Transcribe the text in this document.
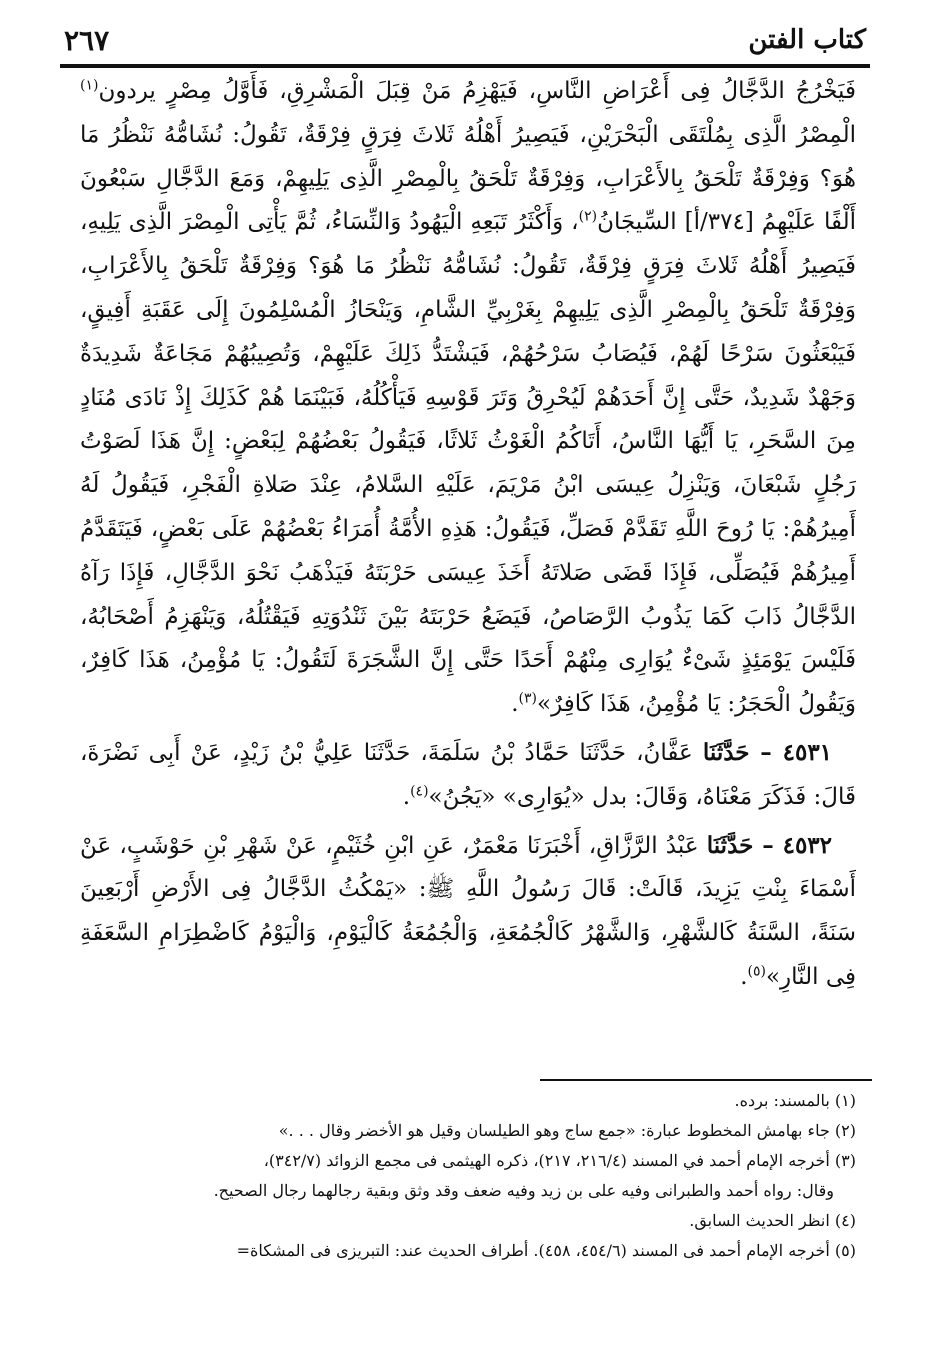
كتاب الفتن
٢٦٧

فَيَخْرُجُ الدَّجَّالُ فِى أَعْرَاضِ النَّاسِ، فَيَهْزِمُ مَنْ قِبَلَ الْمَشْرِقِ، فَأَوَّلُ مِصْرٍ يردون$^{(١)}$ الْمِصْرُ الَّذِى بِمُلْتَقَى الْبَحْرَيْنِ، فَيَصِيرُ أَهْلُهُ ثَلاثَ فِرَقٍ فِرْقَةٌ، تَقُولُ: نُشَامُّهُ نَنْظُرُ مَا هُوَ؟ وَفِرْقَةٌ تَلْحَقُ بِالأَعْرَابِ، وَفِرْقَةٌ تَلْحَقُ بِالْمِصْرِ الَّذِى يَلِيهِمْ، وَمَعَ الدَّجَّالِ سَبْعُونَ أَلْفًا عَلَيْهِمُ [٣٧٤/أ] السِّيجَانُ$^{(٢)}$، وَأَكْثَرُ تَبَعِهِ الْيَهُودُ وَالنِّسَاءُ، ثُمَّ يَأْتِى الْمِصْرَ الَّذِى يَلِيهِ، فَيَصِيرُ أَهْلُهُ ثَلاثَ فِرَقٍ فِرْقَةٌ، تَقُولُ: نُشَامُّهُ نَنْظُرُ مَا هُوَ؟ وَفِرْقَةٌ تَلْحَقُ بِالأَعْرَابِ، وَفِرْقَةٌ تَلْحَقُ بِالْمِصْرِ الَّذِى يَلِيهِمْ بِغَرْبِيِّ الشَّامِ، وَيَنْحَازُ الْمُسْلِمُونَ إِلَى عَقَبَةِ أَفِيقٍ، فَيَبْعَثُونَ سَرْحًا لَهُمْ، فَيُصَابُ سَرْحُهُمْ، فَيَشْتَدُّ ذَلِكَ عَلَيْهِمْ، وَتُصِيبُهُمْ مَجَاعَةٌ شَدِيدَةٌ وَجَهْدٌ شَدِيدٌ، حَتَّى إِنَّ أَحَدَهُمْ لَيُحْرِقُ وَتَرَ قَوْسِهِ فَيَأْكُلُهُ، فَبَيْنَمَا هُمْ كَذَلِكَ إِذْ نَادَى مُنَادٍ مِنَ السَّحَرِ، يَا أَيُّهَا النَّاسُ، أَتَاكُمُ الْغَوْثُ ثَلاثًا، فَيَقُولُ بَعْضُهُمْ لِبَعْضٍ: إِنَّ هَذَا لَصَوْتُ رَجُلٍ شَبْعَانَ، وَيَنْزِلُ عِيسَى ابْنُ مَرْيَمَ، عَلَيْهِ السَّلامُ، عِنْدَ صَلاةِ الْفَجْرِ، فَيَقُولُ لَهُ أَمِيرُهُمْ: يَا رُوحَ اللَّهِ تَقَدَّمْ فَصَلِّ، فَيَقُولُ: هَذِهِ الأُمَّةُ أُمَرَاءُ بَعْضُهُمْ عَلَى بَعْضٍ، فَيَتَقَدَّمُ أَمِيرُهُمْ فَيُصَلِّى، فَإِذَا قَضَى صَلاتَهُ أَخَذَ عِيسَى حَرْبَتَهُ فَيَذْهَبُ نَحْوَ الدَّجَّالِ، فَإِذَا رَآهُ الدَّجَّالُ ذَابَ كَمَا يَذُوبُ الرَّصَاصُ، فَيَضَعُ حَرْبَتَهُ بَيْنَ ثَنْدُوَتِهِ فَيَقْتُلُهُ، وَيَنْهَزِمُ أَصْحَابُهُ، فَلَيْسَ يَوْمَئِذٍ شَىْءٌ يُوَارِى مِنْهُمْ أَحَدًا حَتَّى إِنَّ الشَّجَرَةَ لَتَقُولُ: يَا مُؤْمِنُ، هَذَا كَافِرٌ، وَيَقُولُ الْحَجَرُ: يَا مُؤْمِنُ، هَذَا كَافِرٌ»$^{(٣)}$.

٤٥٣١ – حَدَّثَنَا عَفَّانُ، حَدَّثَنَا حَمَّادُ بْنُ سَلَمَةَ، حَدَّثَنَا عَلِيُّ بْنُ زَيْدٍ، عَنْ أَبِى نَضْرَةَ، قَالَ: فَذَكَرَ مَعْنَاهُ، وَقَالَ: بدل «يُوَارِى» «يَجُنُ»$^{(٤)}$.

٤٥٣٢ – حَدَّثَنَا عَبْدُ الرَّزَّاقِ، أَخْبَرَنَا مَعْمَرٌ، عَنِ ابْنِ خُثَيْمٍ، عَنْ شَهْرِ بْنِ حَوْشَبٍ، عَنْ أَسْمَاءَ بِنْتِ يَزِيدَ، قَالَتْ: قَالَ رَسُولُ اللَّهِ ﷺ: «يَمْكُثُ الدَّجَّالُ فِى الأَرْضِ أَرْبَعِينَ سَنَةً، السَّنَةُ كَالشَّهْرِ، وَالشَّهْرُ كَالْجُمُعَةِ، وَالْجُمُعَةُ كَالْيَوْمِ، وَالْيَوْمُ كَاضْطِرَامِ السَّعَفَةِ فِى النَّارِ»$^{(٥)}$.

(١) بالمسند: برده.

(٢) جاء بهامش المخطوط عبارة: «جمع ساج وهو الطيلسان وقيل هو الأخضر وقال . . .»

(٣) أخرجه الإمام أحمد في المسند (٢١٦/٤، ٢١٧)، ذكره الهيثمى فى مجمع الزوائد (٣٤٢/٧)،

وقال: رواه أحمد والطبرانى وفيه على بن زيد وفيه ضعف وقد وثق وبقية رجالهما رجال الصحيح.

(٤) انظر الحديث السابق.

(٥) أخرجه الإمام أحمد فى المسند (٤٥٤/٦، ٤٥٨). أطراف الحديث عند: التبريزى فى المشكاة=
